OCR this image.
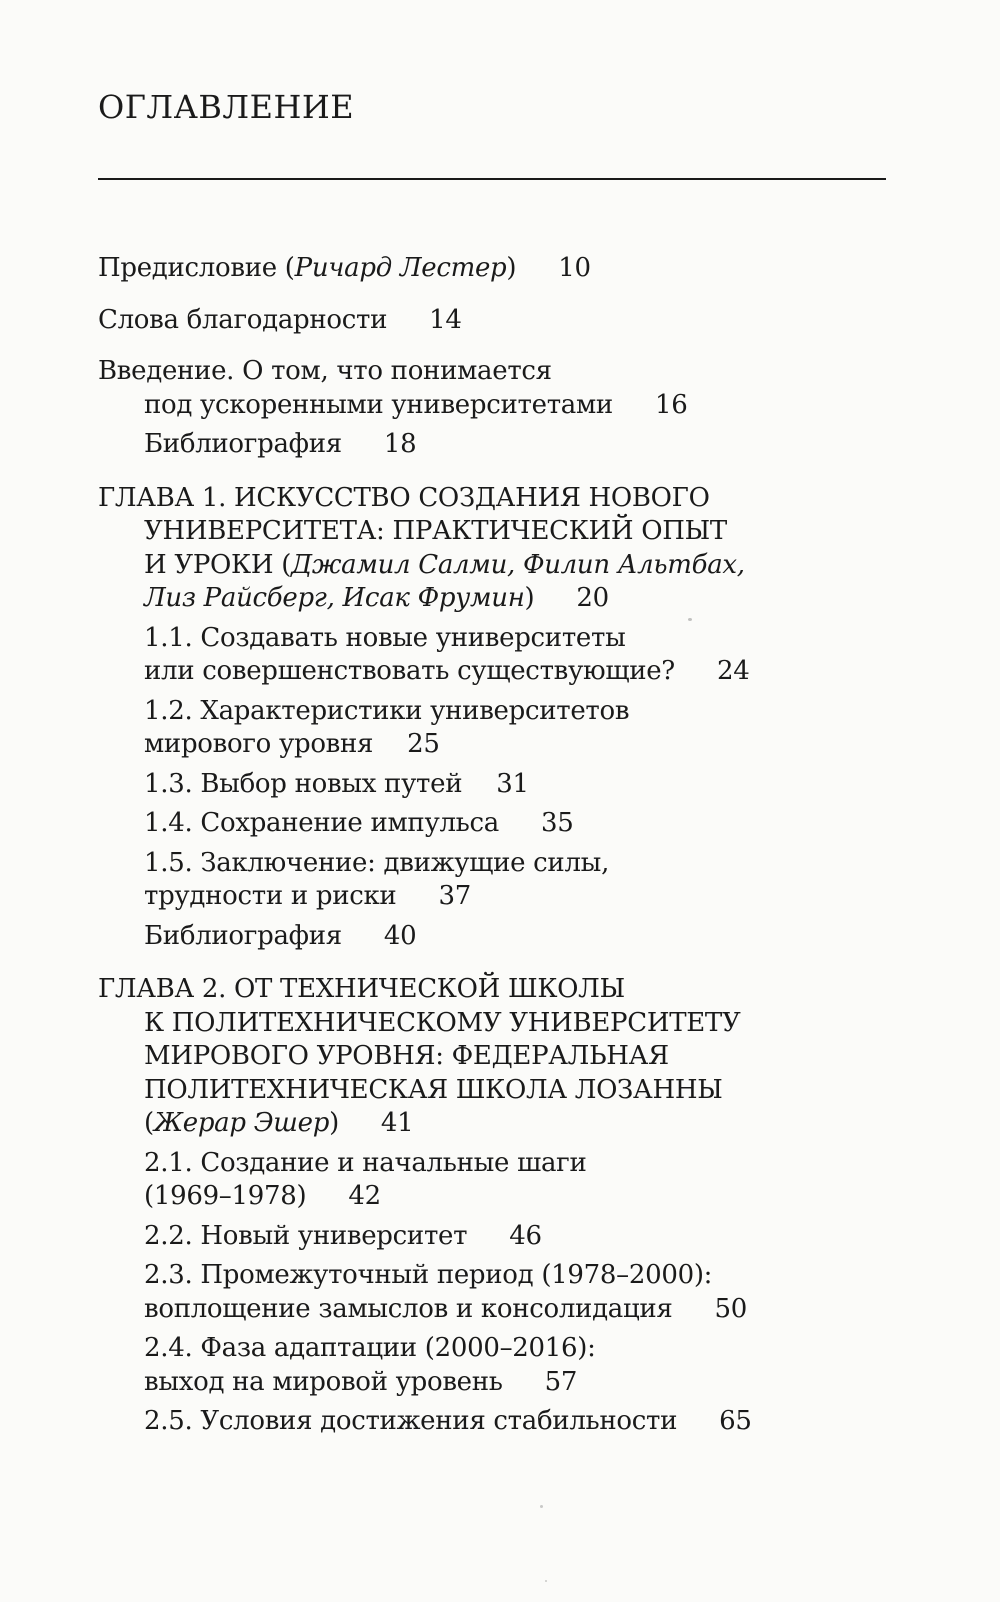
ОГЛАВЛЕНИЕ

Предисловие (Ричард Лестер) 10

Слова благодарности 14

Введение. О том, что понимается
под ускоренными университетами 16

Библиография 18

ГЛАВА 1. ИСКУССТВО СОЗДАНИЯ НОВОГО
УНИВЕРСИТЕТА: ПРАКТИЧЕСКИЙ ОПЫТ
И УРОКИ (Джамил Салми, Филип Альтбах,
Лиз Райсберг, Исак Фрумин) 20

1.1. Создавать новые университеты
или совершенствовать существующие? 24

1.2. Характеристики университетов
мирового уровня 25

1.3. Выбор новых путей 31

1.4. Сохранение импульса 35

1.5. Заключение: движущие силы,
трудности и риски 37

Библиография 40

ГЛАВА 2. ОТ ТЕХНИЧЕСКОЙ ШКОЛЫ
К ПОЛИТЕХНИЧЕСКОМУ УНИВЕРСИТЕТУ
МИРОВОГО УРОВНЯ: ФЕДЕРАЛЬНАЯ
ПОЛИТЕХНИЧЕСКАЯ ШКОЛА ЛОЗАННЫ
(Жерар Эшер) 41

2.1. Создание и начальные шаги
(1969–1978) 42

2.2. Новый университет 46

2.3. Промежуточный период (1978–2000):
воплощение замыслов и консолидация 50

2.4. Фаза адаптации (2000–2016):
выход на мировой уровень 57

2.5. Условия достижения стабильности 65
